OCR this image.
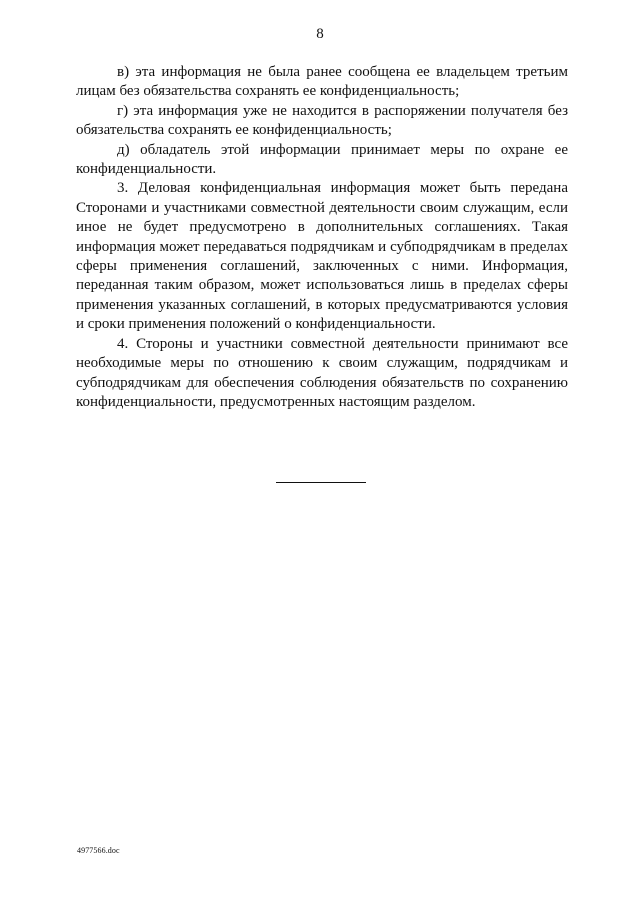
8

в) эта информация не была ранее сообщена ее владельцем третьим лицам без обязательства сохранять ее конфиденциальность;

г) эта информация уже не находится в распоряжении получателя без обязательства сохранять ее конфиденциальность;

д) обладатель этой информации принимает меры по охране ее конфиденциальности.

3. Деловая конфиденциальная информация может быть передана Сторонами и участниками совместной деятельности своим служащим, если иное не будет предусмотрено в дополнительных соглашениях. Такая информация может передаваться подрядчикам и субподрядчикам в пределах сферы применения соглашений, заключенных с ними. Информация, переданная таким образом, может использоваться лишь в пределах сферы применения указанных соглашений, в которых предусматриваются условия и сроки применения положений о конфиденциальности.

4. Стороны и участники совместной деятельности принимают все необходимые меры по отношению к своим служащим, подрядчикам и субподрядчикам для обеспечения соблюдения обязательств по сохранению конфиденциальности, предусмотренных настоящим разделом.

4977566.doc
